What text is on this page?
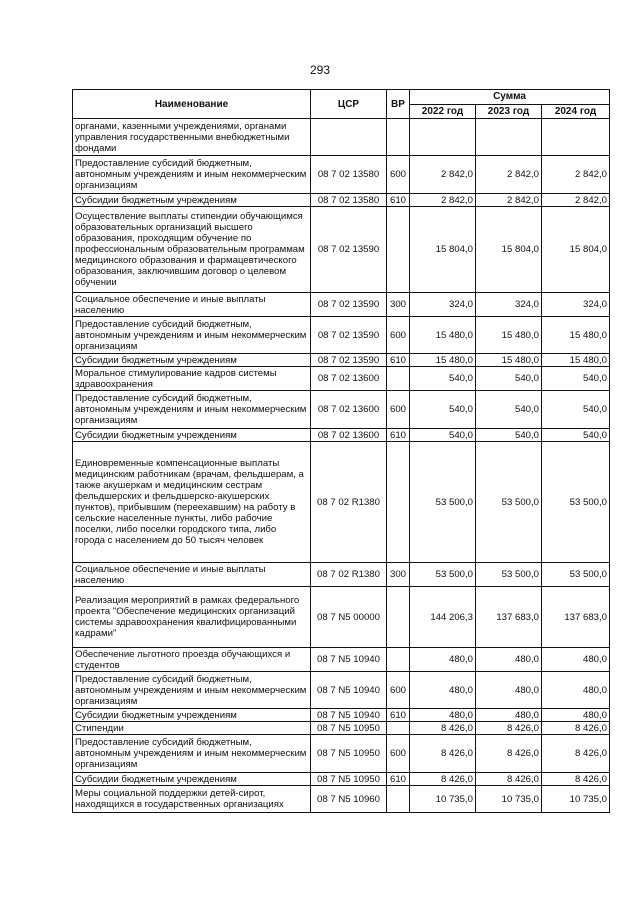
293
Наименование	ЦСР	ВР	Сумма		
			2022 год	2023 год	2024 год
органами, казенными учреждениями, органами управления государственными внебюджетными фондами					
Предоставление субсидий бюджетным, автономным учреждениям и иным некоммерческим организациям	08 7 02 13580	600	2 842,0	2 842,0	2 842,0
Субсидии бюджетным учреждениям	08 7 02 13580	610	2 842,0	2 842,0	2 842,0
Осуществление выплаты стипендии обучающимся образовательных организаций высшего образования, проходящим обучение по профессиональным образовательным программам медицинского образования и фармацевтического образования, заключившим договор о целевом обучении	08 7 02 13590		15 804,0	15 804,0	15 804,0
Социальное обеспечение и иные выплаты населению	08 7 02 13590	300	324,0	324,0	324,0
Предоставление субсидий бюджетным, автономным учреждениям и иным некоммерческим организациям	08 7 02 13590	600	15 480,0	15 480,0	15 480,0
Субсидии бюджетным учреждениям	08 7 02 13590	610	15 480,0	15 480,0	15 480,0
Моральное стимулирование кадров системы здравоохранения	08 7 02 13600		540,0	540,0	540,0
Предоставление субсидий бюджетным, автономным учреждениям и иным некоммерческим организациям	08 7 02 13600	600	540,0	540,0	540,0
Субсидии бюджетным учреждениям	08 7 02 13600	610	540,0	540,0	540,0
Единовременные компенсационные выплаты медицинским работникам (врачам, фельдшерам, а также акушеркам и медицинским сестрам фельдшерских и фельдшерско-акушерских пунктов), прибывшим (переехавшим) на работу в сельские населенные пункты, либо рабочие поселки, либо поселки городского типа, либо города с населением до 50 тысяч человек	08 7 02 R1380		53 500,0	53 500,0	53 500,0
Социальное обеспечение и иные выплаты населению	08 7 02 R1380	300	53 500,0	53 500,0	53 500,0
Реализация мероприятий в рамках федерального проекта "Обеспечение медицинских организаций системы здравоохранения квалифицированными кадрами"	08 7 N5 00000		144 206,3	137 683,0	137 683,0
Обеспечение льготного проезда обучающихся и студентов	08 7 N5 10940		480,0	480,0	480,0
Предоставление субсидий бюджетным, автономным учреждениям и иным некоммерческим организациям	08 7 N5 10940	600	480,0	480,0	480,0
Субсидии бюджетным учреждениям	08 7 N5 10940	610	480,0	480,0	480,0
Стипендии	08 7 N5 10950		8 426,0	8 426,0	8 426,0
Предоставление субсидий бюджетным, автономным учреждениям и иным некоммерческим организациям	08 7 N5 10950	600	8 426,0	8 426,0	8 426,0
Субсидии бюджетным учреждениям	08 7 N5 10950	610	8 426,0	8 426,0	8 426,0
Меры социальной поддержки детей-сирот, находящихся в государственных организациях	08 7 N5 10960		10 735,0	10 735,0	10 735,0
